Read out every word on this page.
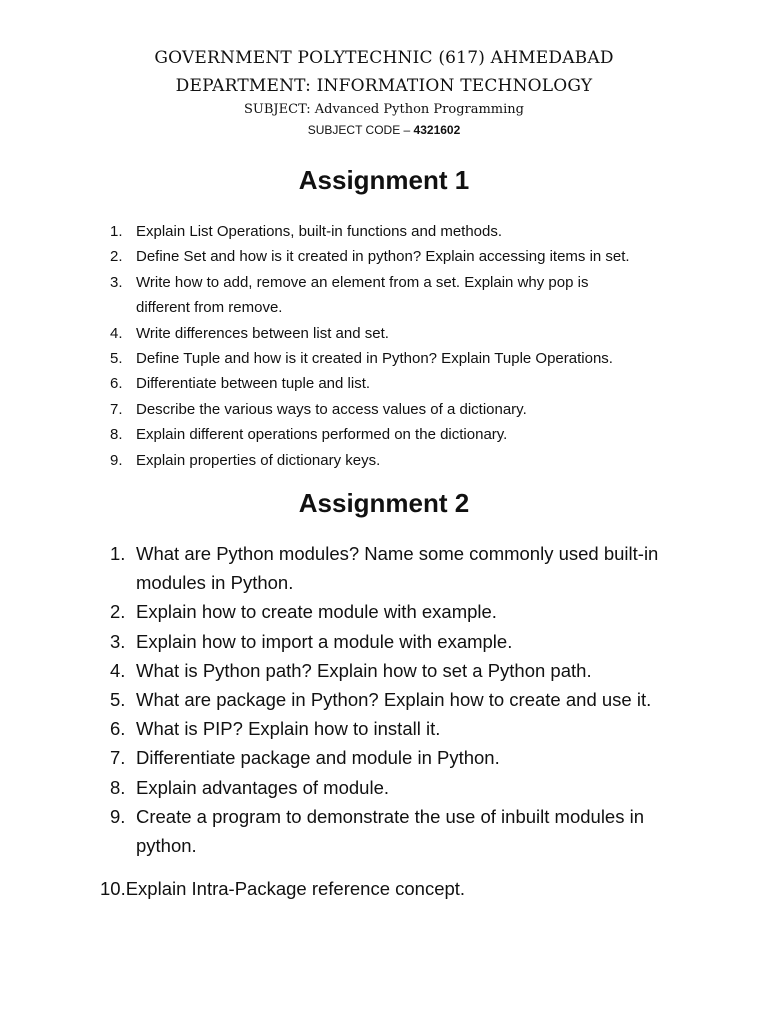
GOVERNMENT POLYTECHNIC (617) AHMEDABAD
DEPARTMENT: INFORMATION TECHNOLOGY
SUBJECT: Advanced Python Programming
SUBJECT CODE – 4321602
Assignment 1
1. Explain List Operations, built-in functions and methods.
2. Define Set and how is it created in python? Explain accessing items in set.
3. Write how to add, remove an element from a set. Explain why pop is
different from remove.
4. Write differences between list and set.
5. Define Tuple and how is it created in Python? Explain Tuple Operations.
6. Differentiate between tuple and list.
7. Describe the various ways to access values of a dictionary.
8. Explain different operations performed on the dictionary.
9. Explain properties of dictionary keys.
Assignment 2
1. What are Python modules? Name some commonly used built-in
modules in Python.
2. Explain how to create module with example.
3. Explain how to import a module with example.
4. What is Python path? Explain how to set a Python path.
5. What are package in Python? Explain how to create and use it.
6. What is PIP? Explain how to install it.
7. Differentiate package and module in Python.
8. Explain advantages of module.
9. Create a program to demonstrate the use of inbuilt modules in
python.
10.Explain Intra-Package reference concept.
